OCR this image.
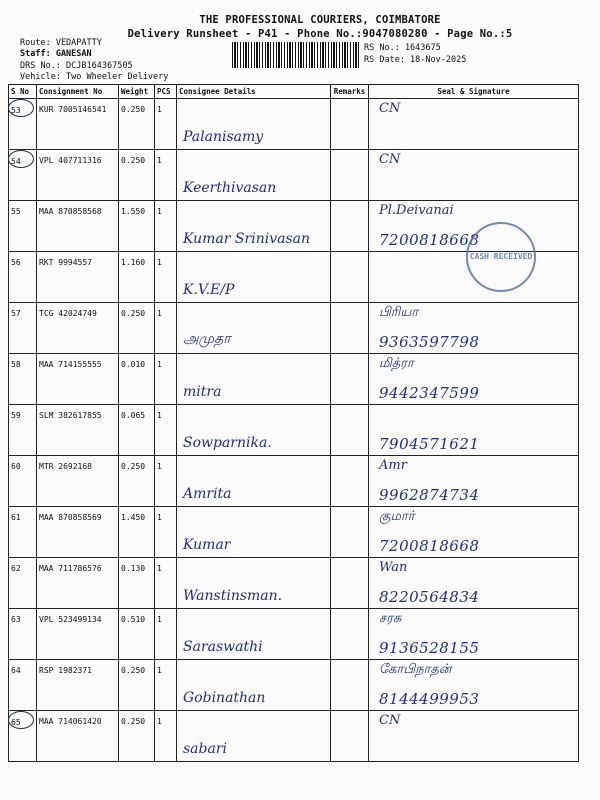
THE PROFESSIONAL COURIERS, COIMBATORE
Delivery Runsheet - P41 - Phone No.:9047080280 - Page No.:5
Route: VEDAPATTY
Staff: GANESAN
DRS No.: DCJB164367505
Vehicle: Two Wheeler Delivery
RS No.: 1643675
RS Date: 18-Nov-2025
S No	Consignment No	Weight	PCS	Consignee Details	Remarks	Seal & Signature

53	KUR 7005146541	0.250	1	Palanisamy		CN

54	VPL 407711316	0.250	1	Keerthivasan		CN

55	MAA 870858568	1.550	1	Kumar Srinivasan		Pl.Deivanai
7200818668

56	RKT 9994557	1.160	1	K.V.E/P		

57	TCG 42024749	0.250	1	அமுதா		பிரியா
9363597798

58	MAA 714155555	0.010	1	mitra		மித்ரா
9442347599

59	SLM 382617855	0.065	1	Sowparnika.		7904571621

60	MTR 2692168	0.250	1	Amrita		Amr
9962874734

61	MAA 870858569	1.450	1	Kumar		குமார்
7200818668

62	MAA 711786576	0.130	1	Wanstinsman.		Wan
8220564834

63	VPL 523499134	0.510	1	Saraswathi		சரசு
9136528155

64	RSP 1982371	0.250	1	Gobinathan		கோபிநாதன்
8144499953

65	MAA 714061420	0.250	1	sabari		CN
CASH RECEIVED
